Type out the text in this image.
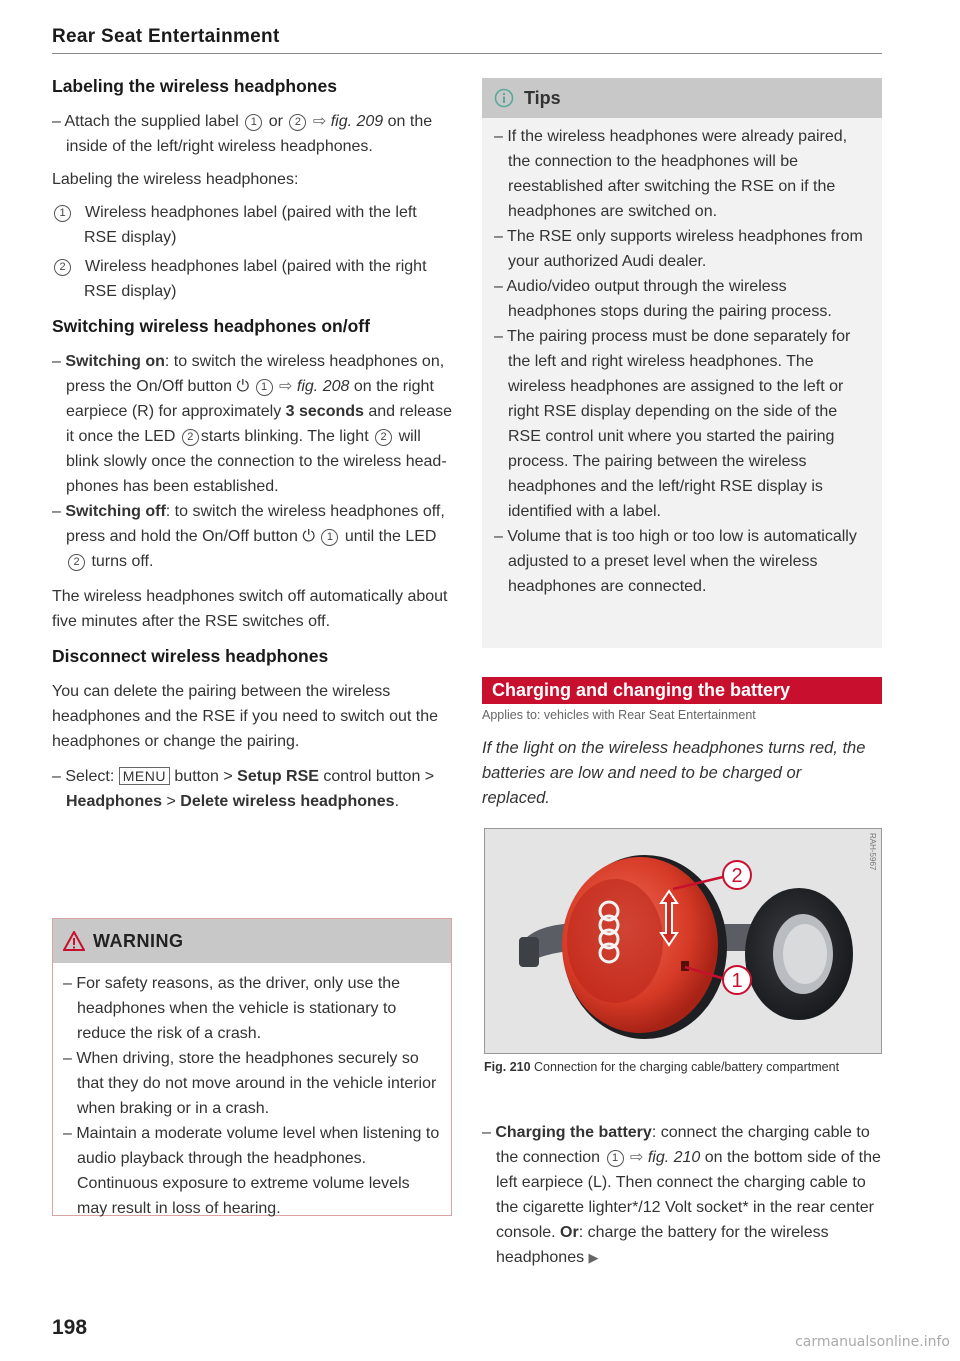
Rear Seat Entertainment
Labeling the wireless headphones
– Attach the supplied label 1 or 2 ⇨ fig. 209 on the inside of the left/right wireless headphones.

Labeling the wireless headphones:

1 Wireless headphones label (paired with the left RSE display)
2 Wireless headphones label (paired with the right RSE display)
Switching wireless headphones on/off
– Switching on: to switch the wireless headphones on, press the On/Off button ⏻ 1 ⇨ fig. 208 on the right earpiece (R) for approximately 3 seconds and release it once the LED 2 starts blinking. The light 2 will blink slowly once the connection to the wireless headphones has been established.
– Switching off: to switch the wireless headphones off, press and hold the On/Off button ⏻ 1 until the LED 2 turns off.

The wireless headphones switch off automatically about five minutes after the RSE switches off.

Disconnect wireless headphones

You can delete the pairing between the wireless headphones and the RSE if you need to switch out the headphones or change the pairing.

– Select: MENU button > Setup RSE control button > Headphones > Delete wireless headphones.
WARNING
– For safety reasons, as the driver, only use the headphones when the vehicle is stationary to reduce the risk of a crash.
– When driving, store the headphones securely so that they do not move around in the vehicle interior when braking or in a crash.
– Maintain a moderate volume level when listening to audio playback through the headphones. Continuous exposure to extreme volume levels may result in loss of hearing.
Tips
– If the wireless headphones were already paired, the connection to the headphones will be reestablished after switching the RSE on if the headphones are switched on.
– The RSE only supports wireless headphones from your authorized Audi dealer.
– Audio/video output through the wireless headphones stops during the pairing process.
– The pairing process must be done separately for the left and right wireless headphones. The wireless headphones are assigned to the left or right RSE display depending on the side of the RSE control unit where you started the pairing process. The pairing between the wireless headphones and the left/right RSE display is identified with a label.
– Volume that is too high or too low is automatically adjusted to a preset level when the wireless headphones are connected.
Charging and changing the battery
Applies to: vehicles with Rear Seat Entertainment
If the light on the wireless headphones turns red, the batteries are low and need to be charged or replaced.
2
1
RAH-5967
Fig. 210 Connection for the charging cable/battery compartment
– Charging the battery: connect the charging cable to the connection 1 ⇨ fig. 210 on the bottom side of the left earpiece (L). Then connect the charging cable to the cigarette lighter*/12 Volt socket* in the rear center console. Or: charge the battery for the wireless headphones ▶
198
carmanualsonline.info
